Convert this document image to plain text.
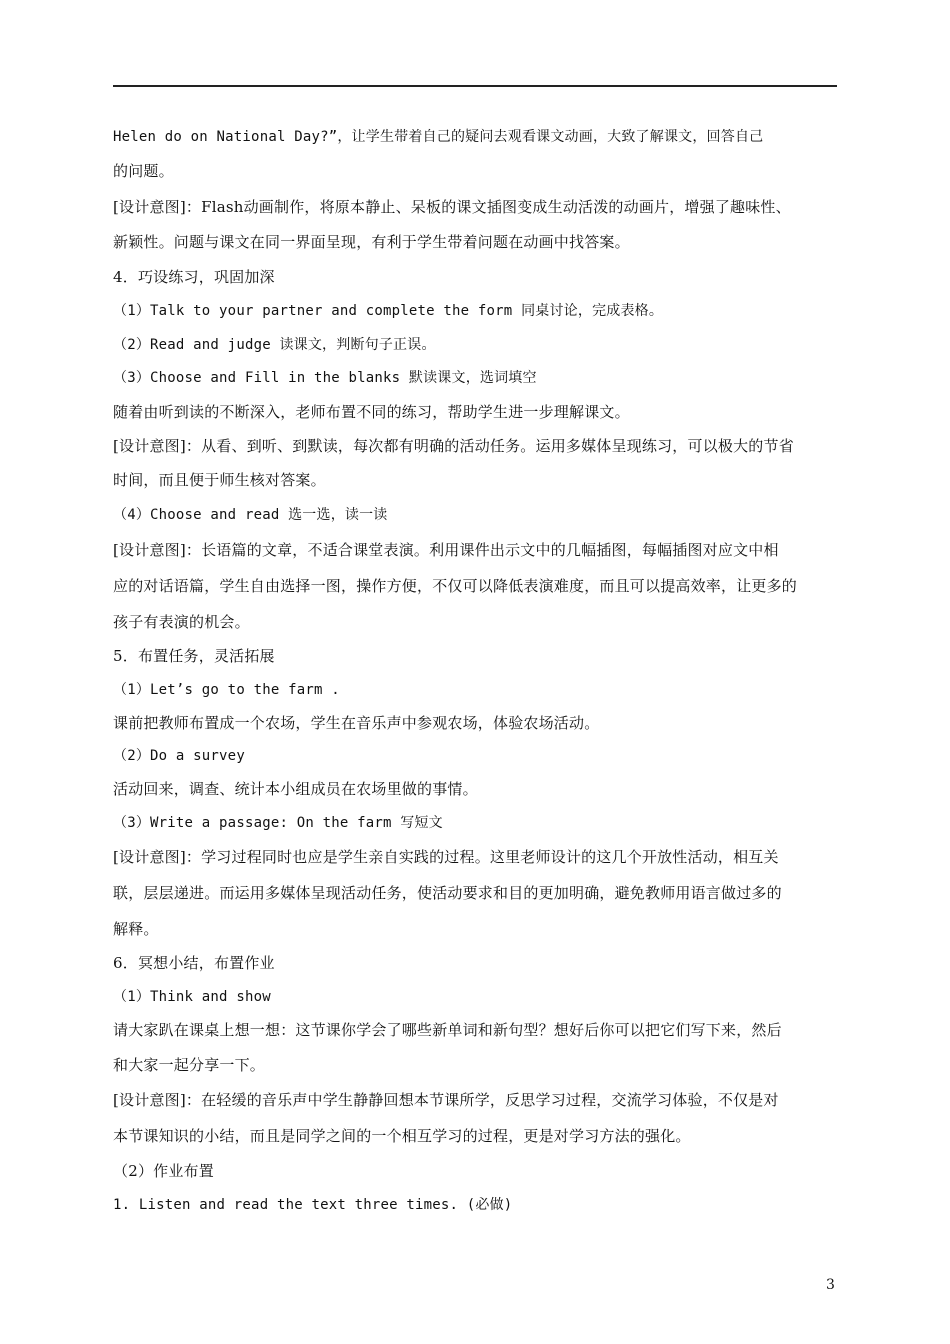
Helen do on National Day?”，让学生带着自己的疑问去观看课文动画，大致了解课文，回答自己
的问题。
[设计意图]：Flash动画制作，将原本静止、呆板的课文插图变成生动活泼的动画片，增强了趣味性、
新颖性。问题与课文在同一界面呈现，有利于学生带着问题在动画中找答案。
4．巧设练习，巩固加深
（1）Talk to your partner and complete the form 同桌讨论，完成表格。
（2）Read and judge 读课文，判断句子正误。
（3）Choose and Fill in the blanks 默读课文，选词填空
随着由听到读的不断深入，老师布置不同的练习，帮助学生进一步理解课文。
[设计意图]：从看、到听、到默读，每次都有明确的活动任务。运用多媒体呈现练习，可以极大的节省
时间，而且便于师生核对答案。
（4）Choose and read 选一选，读一读
[设计意图]：长语篇的文章，不适合课堂表演。利用课件出示文中的几幅插图，每幅插图对应文中相
应的对话语篇，学生自由选择一图，操作方便，不仅可以降低表演难度，而且可以提高效率，让更多的
孩子有表演的机会。
5．布置任务，灵活拓展
（1）Let’s go to the farm .
课前把教师布置成一个农场，学生在音乐声中参观农场，体验农场活动。
（2）Do a survey
活动回来，调查、统计本小组成员在农场里做的事情。
（3）Write a passage: On the farm 写短文
[设计意图]：学习过程同时也应是学生亲自实践的过程。这里老师设计的这几个开放性活动，相互关
联，层层递进。而运用多媒体呈现活动任务，使活动要求和目的更加明确，避免教师用语言做过多的
解释。
6．冥想小结，布置作业
（1）Think and show
请大家趴在课桌上想一想：这节课你学会了哪些新单词和新句型？想好后你可以把它们写下来，然后
和大家一起分享一下。
[设计意图]：在轻缓的音乐声中学生静静回想本节课所学，反思学习过程，交流学习体验，不仅是对
本节课知识的小结，而且是同学之间的一个相互学习的过程，更是对学习方法的强化。
（2）作业布置
1. Listen and read the text three times. (必做)
3
